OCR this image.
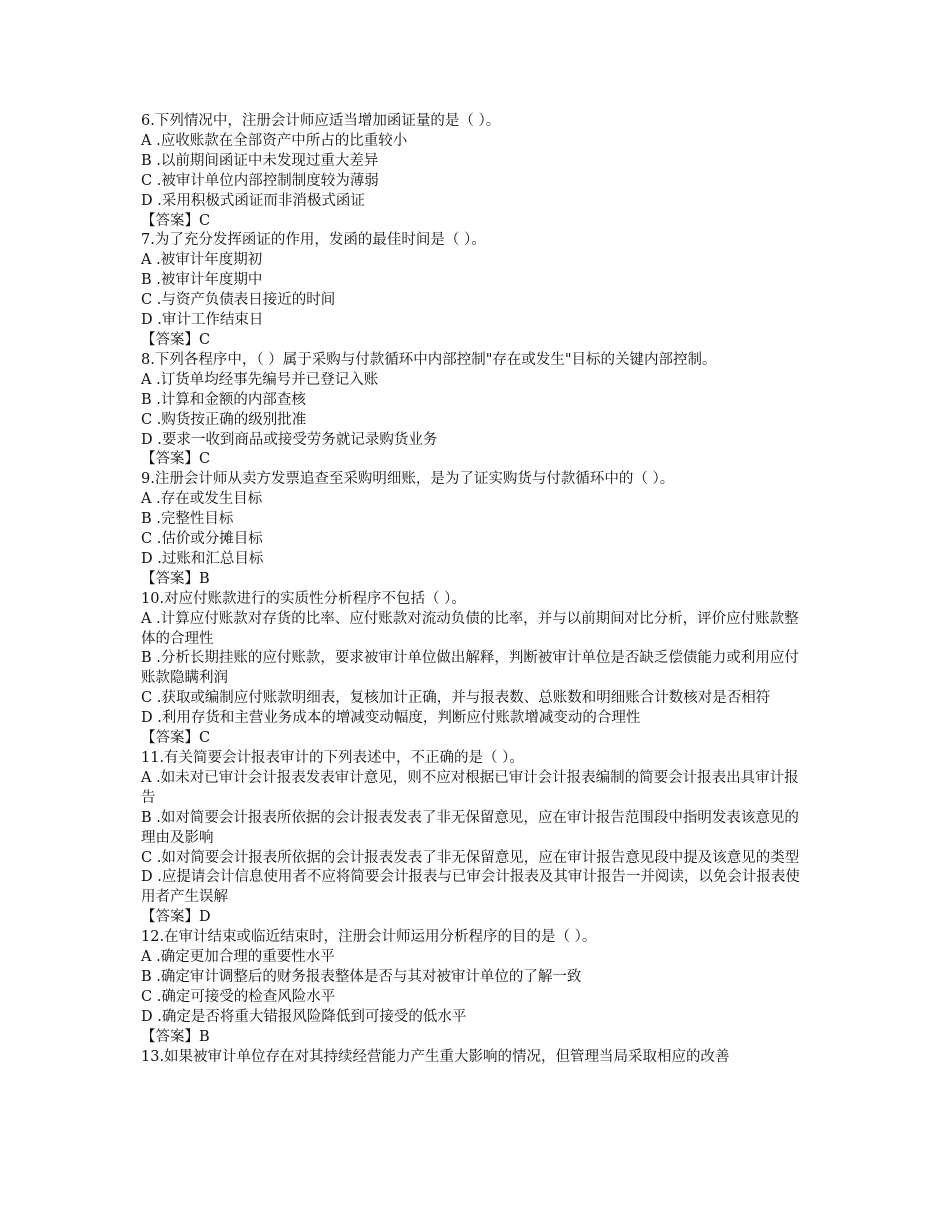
6.下列情况中，注册会计师应适当增加函证量的是（ ）。

A .应收账款在全部资产中所占的比重较小

B .以前期间函证中未发现过重大差异

C .被审计单位内部控制制度较为薄弱

D .采用积极式函证而非消极式函证

【答案】C

7.为了充分发挥函证的作用，发函的最佳时间是（ ）。

A .被审计年度期初

B .被审计年度期中

C .与资产负债表日接近的时间

D .审计工作结束日

【答案】C

8.下列各程序中，（ ）属于采购与付款循环中内部控制"存在或发生"目标的关键内部控制。

A .订货单均经事先编号并已登记入账

B .计算和金额的内部查核

C .购货按正确的级别批准

D .要求一收到商品或接受劳务就记录购货业务

【答案】C

9.注册会计师从卖方发票追查至采购明细账，是为了证实购货与付款循环中的（ ）。

A .存在或发生目标

B .完整性目标

C .估价或分摊目标

D .过账和汇总目标

【答案】B

10.对应付账款进行的实质性分析程序不包括（ ）。

A .计算应付账款对存货的比率、应付账款对流动负债的比率，并与以前期间对比分析，评价应付账款整体的合理性

B .分析长期挂账的应付账款，要求被审计单位做出解释，判断被审计单位是否缺乏偿债能力或利用应付账款隐瞒利润

C .获取或编制应付账款明细表，复核加计正确，并与报表数、总账数和明细账合计数核对是否相符

D .利用存货和主营业务成本的增减变动幅度，判断应付账款增减变动的合理性

【答案】C

11.有关简要会计报表审计的下列表述中，不正确的是（ ）。

A .如未对已审计会计报表发表审计意见，则不应对根据已审计会计报表编制的简要会计报表出具审计报告

B .如对简要会计报表所依据的会计报表发表了非无保留意见，应在审计报告范围段中指明发表该意见的理由及影响

C .如对简要会计报表所依据的会计报表发表了非无保留意见，应在审计报告意见段中提及该意见的类型

D .应提请会计信息使用者不应将简要会计报表与已审会计报表及其审计报告一并阅读，以免会计报表使用者产生误解

【答案】D

12.在审计结束或临近结束时，注册会计师运用分析程序的目的是（ ）。

A .确定更加合理的重要性水平

B .确定审计调整后的财务报表整体是否与其对被审计单位的了解一致

C .确定可接受的检查风险水平

D .确定是否将重大错报风险降低到可接受的低水平

【答案】B

13.如果被审计单位存在对其持续经营能力产生重大影响的情况，但管理当局采取相应的改善
